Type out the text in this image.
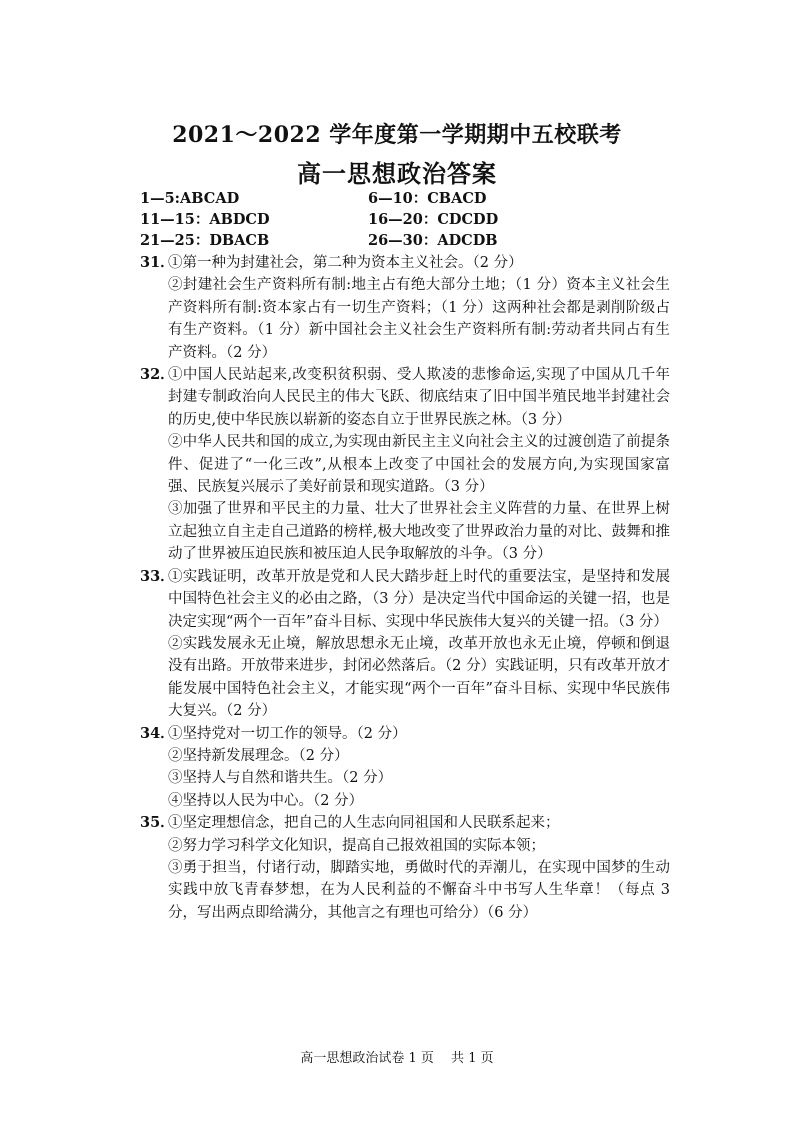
2021～2022 学年度第一学期期中五校联考
高一思想政治答案
1—5:ABCAD	6—10：CBACD
11—15：ABDCD	16—20：CDCDD
21—25：DBACB	26—30：ADCDB
31．

①第一种为封建社会，第二种为资本主义社会。（2 分）

②封建社会生产资料所有制:地主占有绝大部分土地；（1 分）资本主义社会生产资料所有制:资本家占有一切生产资料；（1 分）这两种社会都是剥削阶级占有生产资料。（1 分）新中国社会主义社会生产资料所有制:劳动者共同占有生产资料。（2 分）

32．

①中国人民站起来,改变积贫积弱、受人欺凌的悲惨命运,实现了中国从几千年封建专制政治向人民民主的伟大飞跃、彻底结束了旧中国半殖民地半封建社会的历史,使中华民族以崭新的姿态自立于世界民族之林。（3 分）

②中华人民共和国的成立,为实现由新民主主义向社会主义的过渡创造了前提条件、促进了“一化三改”,从根本上改变了中国社会的发展方向,为实现国家富强、民族复兴展示了美好前景和现实道路。（3 分）

③加强了世界和平民主的力量、壮大了世界社会主义阵营的力量、在世界上树立起独立自主走自己道路的榜样,极大地改变了世界政治力量的对比、鼓舞和推动了世界被压迫民族和被压迫人民争取解放的斗争。（3 分）

33．

①实践证明，改革开放是党和人民大踏步赶上时代的重要法宝，是坚持和发展中国特色社会主义的必由之路，（3 分）是决定当代中国命运的关键一招，也是决定实现“两个一百年”奋斗目标、实现中华民族伟大复兴的关键一招。（3 分）

②实践发展永无止境，解放思想永无止境，改革开放也永无止境，停顿和倒退没有出路。开放带来进步，封闭必然落后。（2 分）实践证明，只有改革开放才能发展中国特色社会主义，才能实现“两个一百年”奋斗目标、实现中华民族伟大复兴。（2 分）

34．

①坚持党对一切工作的领导。（2 分）

②坚持新发展理念。（2 分）

③坚持人与自然和谐共生。（2 分）

④坚持以人民为中心。（2 分）

35．

①坚定理想信念，把自己的人生志向同祖国和人民联系起来；

②努力学习科学文化知识，提高自己报效祖国的实际本领；

③勇于担当，付诸行动，脚踏实地，勇做时代的弄潮儿，在实现中国梦的生动实践中放飞青春梦想，在为人民利益的不懈奋斗中书写人生华章！（每点 3 分，写出两点即给满分，其他言之有理也可给分）（6 分）

高一思想政治试卷 1 页　 共 1 页
